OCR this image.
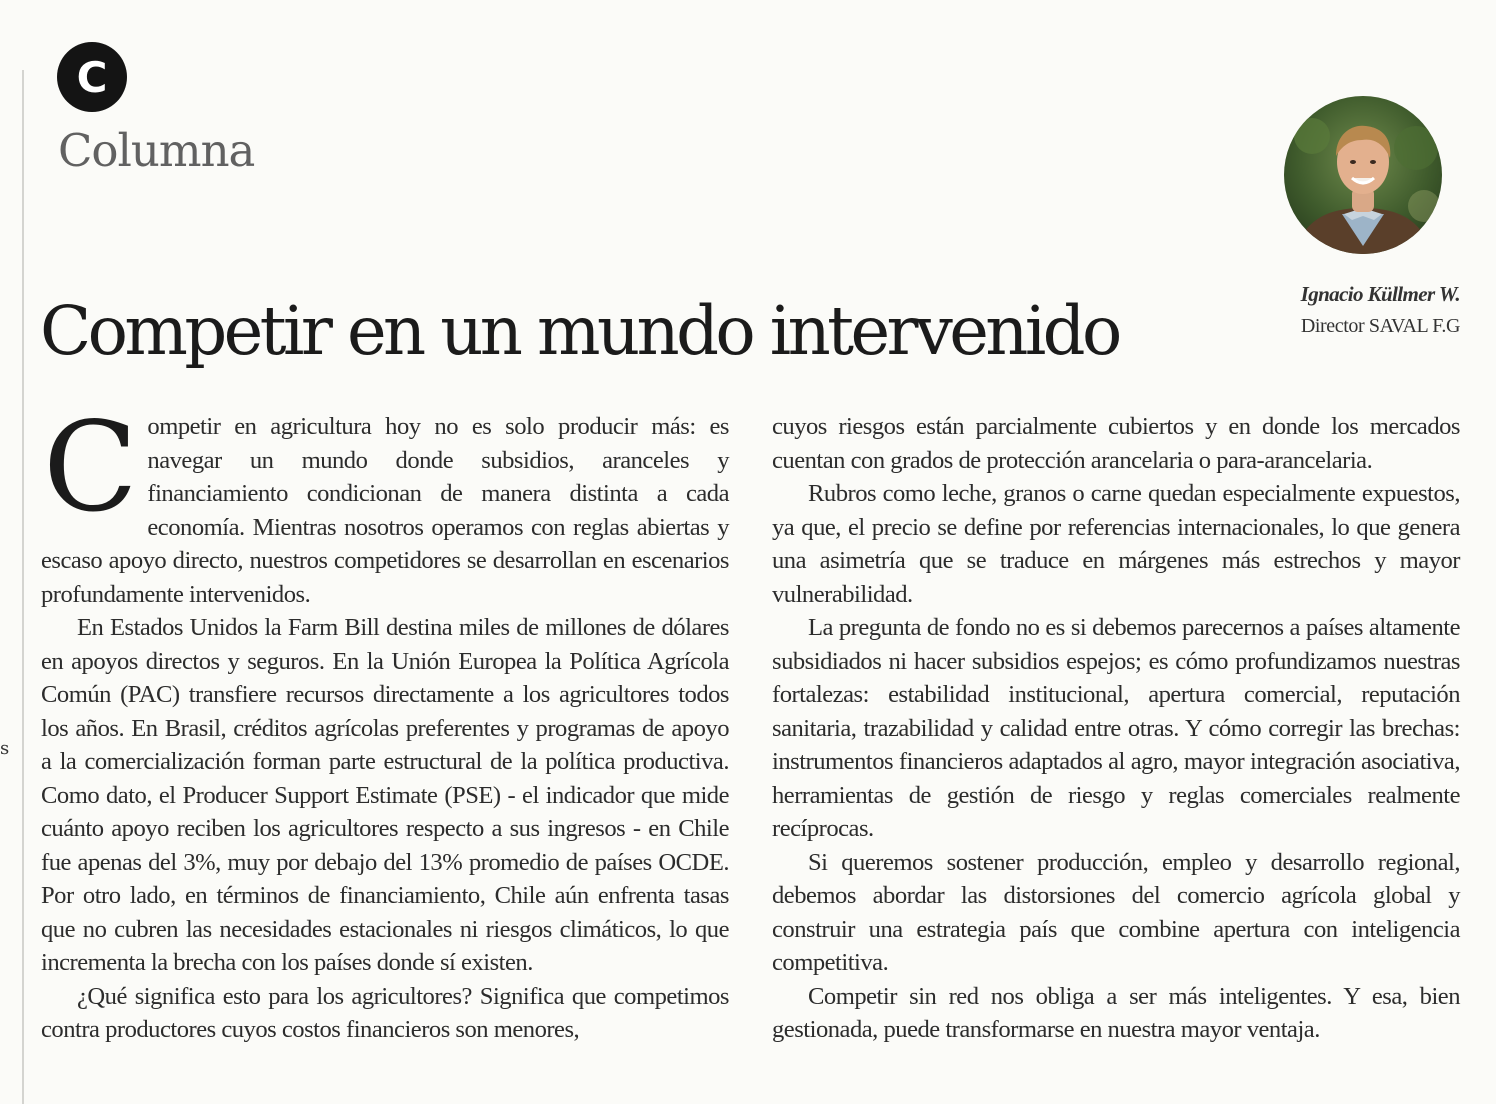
s
C
Columna
Ignacio Küllmer W.
Director SAVAL F.G
Competir en un mundo intervenido

Competir en agricultura hoy no es solo producir más: es navegar un mundo donde subsidios, aranceles y financiamiento condicionan de manera distinta a cada economía. Mientras nosotros operamos con reglas abiertas y escaso apoyo directo, nuestros competidores se desarrollan en escenarios profundamente intervenidos.

En Estados Unidos la Farm Bill destina miles de millones de dólares en apoyos directos y seguros. En la Unión Europea la Política Agrícola Común (PAC) transfiere recursos directamente a los agricultores todos los años. En Brasil, créditos agrícolas preferentes y programas de apoyo a la comercialización forman parte estructural de la política productiva. Como dato, el Producer Support Estimate (PSE) - el indicador que mide cuánto apoyo reciben los agricultores respecto a sus ingresos - en Chile fue apenas del 3%, muy por debajo del 13% promedio de países OCDE. Por otro lado, en términos de financiamiento, Chile aún enfrenta tasas que no cubren las necesidades estacionales ni riesgos climáticos, lo que incrementa la brecha con los países donde sí existen.

¿Qué significa esto para los agricultores? Significa que competimos contra productores cuyos costos financieros son menores,

cuyos riesgos están parcialmente cubiertos y en donde los mercados cuentan con grados de protección arancelaria o para-arancelaria.

Rubros como leche, granos o carne quedan especialmente expuestos, ya que, el precio se define por referencias internacionales, lo que genera una asimetría que se traduce en márgenes más estrechos y mayor vulnerabilidad.

La pregunta de fondo no es si debemos parecernos a países altamente subsidiados ni hacer subsidios espejos; es cómo profundizamos nuestras fortalezas: estabilidad institucional, apertura comercial, reputación sanitaria, trazabilidad y calidad entre otras. Y cómo corregir las brechas: instrumentos financieros adaptados al agro, mayor integración asociativa, herramientas de gestión de riesgo y reglas comerciales realmente recíprocas.

Si queremos sostener producción, empleo y desarrollo regional, debemos abordar las distorsiones del comercio agrícola global y construir una estrategia país que combine apertura con inteligencia competitiva.

Competir sin red nos obliga a ser más inteligentes. Y esa, bien gestionada, puede transformarse en nuestra mayor ventaja.
